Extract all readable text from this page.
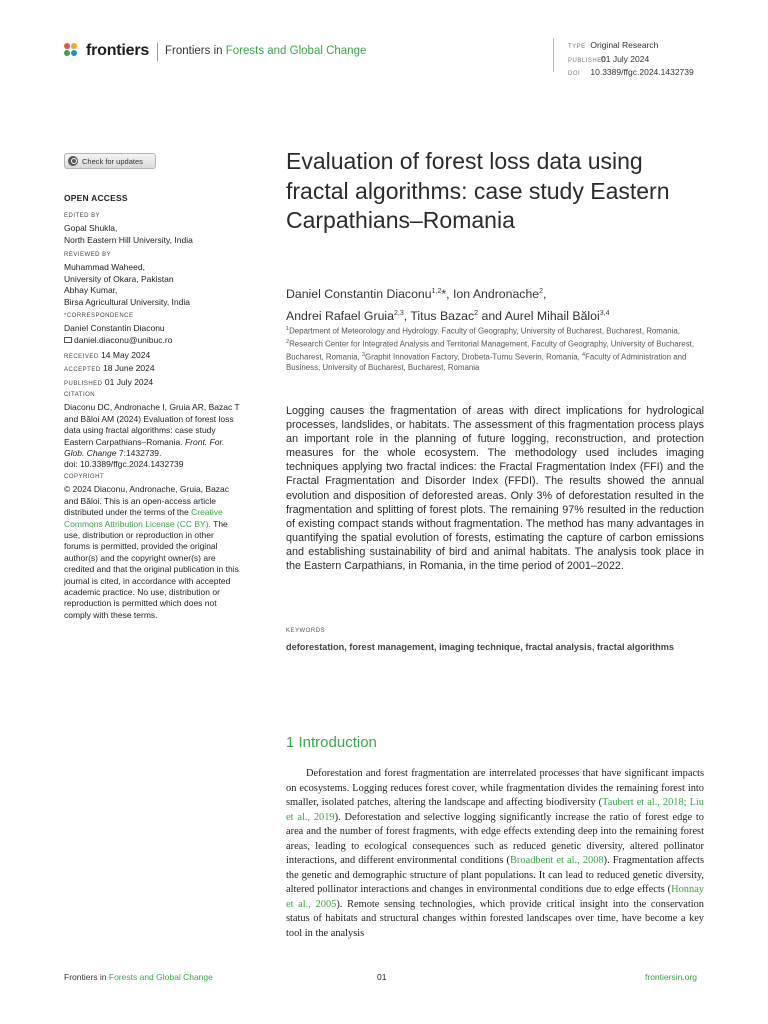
frontiers Frontiers in Forests and Global Change	TYPE Original Research
PUBLISHED01 July 2024
DOI 10.3389/ffgc.2024.1432739
Check for updates
OPEN ACCESS
EDITED BY
Gopal Shukla,
North Eastern Hill University, India
REVIEWED BY
Muhammad Waheed,
University of Okara, Pakistan
Abhay Kumar,
Birsa Agricultural University, India
*CORRESPONDENCE
Daniel Constantin Diaconu
daniel.diaconu@unibuc.ro
RECEIVED 14 May 2024
ACCEPTED 18 June 2024
PUBLISHED 01 July 2024
CITATION
Diaconu DC, Andronache I, Gruia AR, Bazac T and Băloi AM (2024) Evaluation of forest loss data using fractal algorithms: case study Eastern Carpathians–Romania. Front. For. Glob. Change 7:1432739.
doi: 10.3389/ffgc.2024.1432739
COPYRIGHT
© 2024 Diaconu, Andronache, Gruia, Bazac and Băloi. This is an open-access article distributed under the terms of the Creative Commons Attribution License (CC BY). The use, distribution or reproduction in other forums is permitted, provided the original author(s) and the copyright owner(s) are credited and that the original publication in this journal is cited, in accordance with accepted academic practice. No use, distribution or reproduction is permitted which does not comply with these terms.
Evaluation of forest loss data using fractal algorithms: case study Eastern Carpathians–Romania
Daniel Constantin Diaconu$^{1,2}$*, Ion Andronache$^2$,
Andrei Rafael Gruia$^{2,3}$, Titus Bazac$^2$ and Aurel Mihail Băloi$^{3,4}$
$^1$Department of Meteorology and Hydrology, Faculty of Geography, University of Bucharest, Bucharest, Romania, $^2$Research Center for Integrated Analysis and Territorial Management, Faculty of Geography, University of Bucharest, Bucharest, Romania, $^3$Graphit Innovation Factory, Drobeta-Turnu Severin, Romania, $^4$Faculty of Administration and Business, University of Bucharest, Bucharest, Romania
Logging causes the fragmentation of areas with direct implications for hydrological processes, landslides, or habitats. The assessment of this fragmentation process plays an important role in the planning of future logging, reconstruction, and protection measures for the whole ecosystem. The methodology used includes imaging techniques applying two fractal indices: the Fractal Fragmentation Index (FFI) and the Fractal Fragmentation and Disorder Index (FFDI). The results showed the annual evolution and disposition of deforested areas. Only 3% of deforestation resulted in the fragmentation and splitting of forest plots. The remaining 97% resulted in the reduction of existing compact stands without fragmentation. The method has many advantages in quantifying the spatial evolution of forests, estimating the capture of carbon emissions and establishing sustainability of bird and animal habitats. The analysis took place in the Eastern Carpathians, in Romania, in the time period of 2001–2022.
KEYWORDS
deforestation, forest management, imaging technique, fractal analysis, fractal algorithms
1 Introduction
Deforestation and forest fragmentation are interrelated processes that have significant impacts on ecosystems. Logging reduces forest cover, while fragmentation divides the remaining forest into smaller, isolated patches, altering the landscape and affecting biodiversity (Taubert et al., 2018; Liu et al., 2019). Deforestation and selective logging significantly increase the ratio of forest edge to area and the number of forest fragments, with edge effects extending deep into the remaining forest areas, leading to ecological consequences such as reduced genetic diversity, altered pollinator interactions, and different environmental conditions (Broadbent et al., 2008). Fragmentation affects the genetic and demographic structure of plant populations. It can lead to reduced genetic diversity, altered pollinator interactions and changes in environmental conditions due to edge effects (Honnay et al., 2005). Remote sensing technologies, which provide critical insight into the conservation status of habitats and structural changes within forested landscapes over time, have become a key tool in the analysis
Frontiers in Forests and Global Change	01	frontiersin.org
